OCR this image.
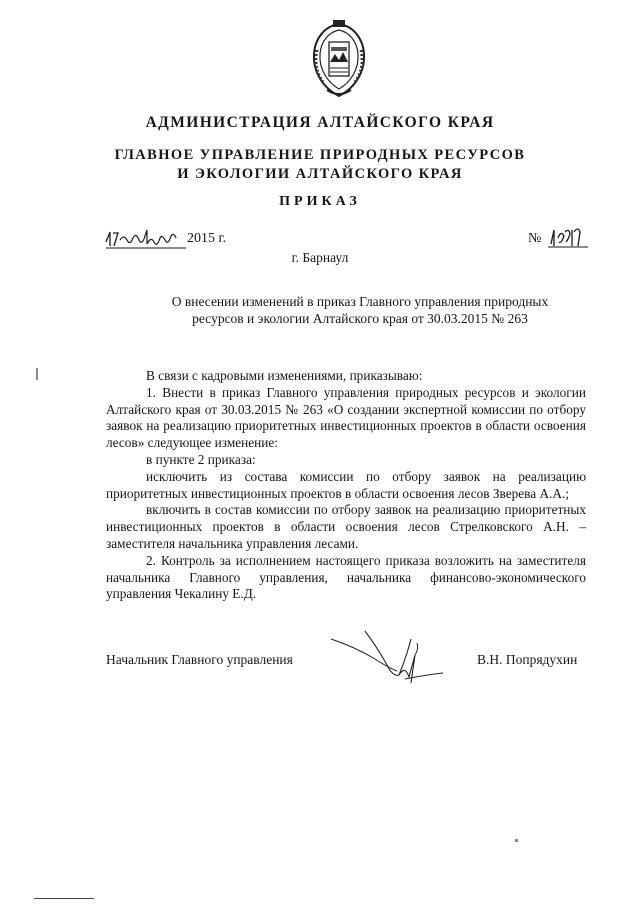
АДМИНИСТРАЦИЯ АЛТАЙСКОГО КРАЯ
ГЛАВНОЕ УПРАВЛЕНИЕ ПРИРОДНЫХ РЕСУРСОВ
И ЭКОЛОГИИ АЛТАЙСКОГО КРАЯ
ПРИКАЗ
2015 г.	№
г. Барнаул
О внесении изменений в приказ Главного управления природных
ресурсов и экологии Алтайского края от 30.03.2015 № 263

В связи с кадровыми изменениями, приказываю:

1. Внести в приказ Главного управления природных ресурсов и экологии Алтайского края от 30.03.2015 № 263 «О создании экспертной комиссии по отбору заявок на реализацию приоритетных инвестиционных проектов в области освоения лесов» следующее изменение:

в пункте 2 приказа:

исключить из состава комиссии по отбору заявок на реализацию приоритетных инвестиционных проектов в области освоения лесов Зверева А.А.;

включить в состав комиссии по отбору заявок на реализацию приоритетных инвестиционных проектов в области освоения лесов Стрелковского А.Н. – заместителя начальника управления лесами.

2. Контроль за исполнением настоящего приказа возложить на заместителя начальника Главного управления, начальника финансово-экономического управления Чекалину Е.Д.

Начальник Главного управления	В.Н. Попрядухин
